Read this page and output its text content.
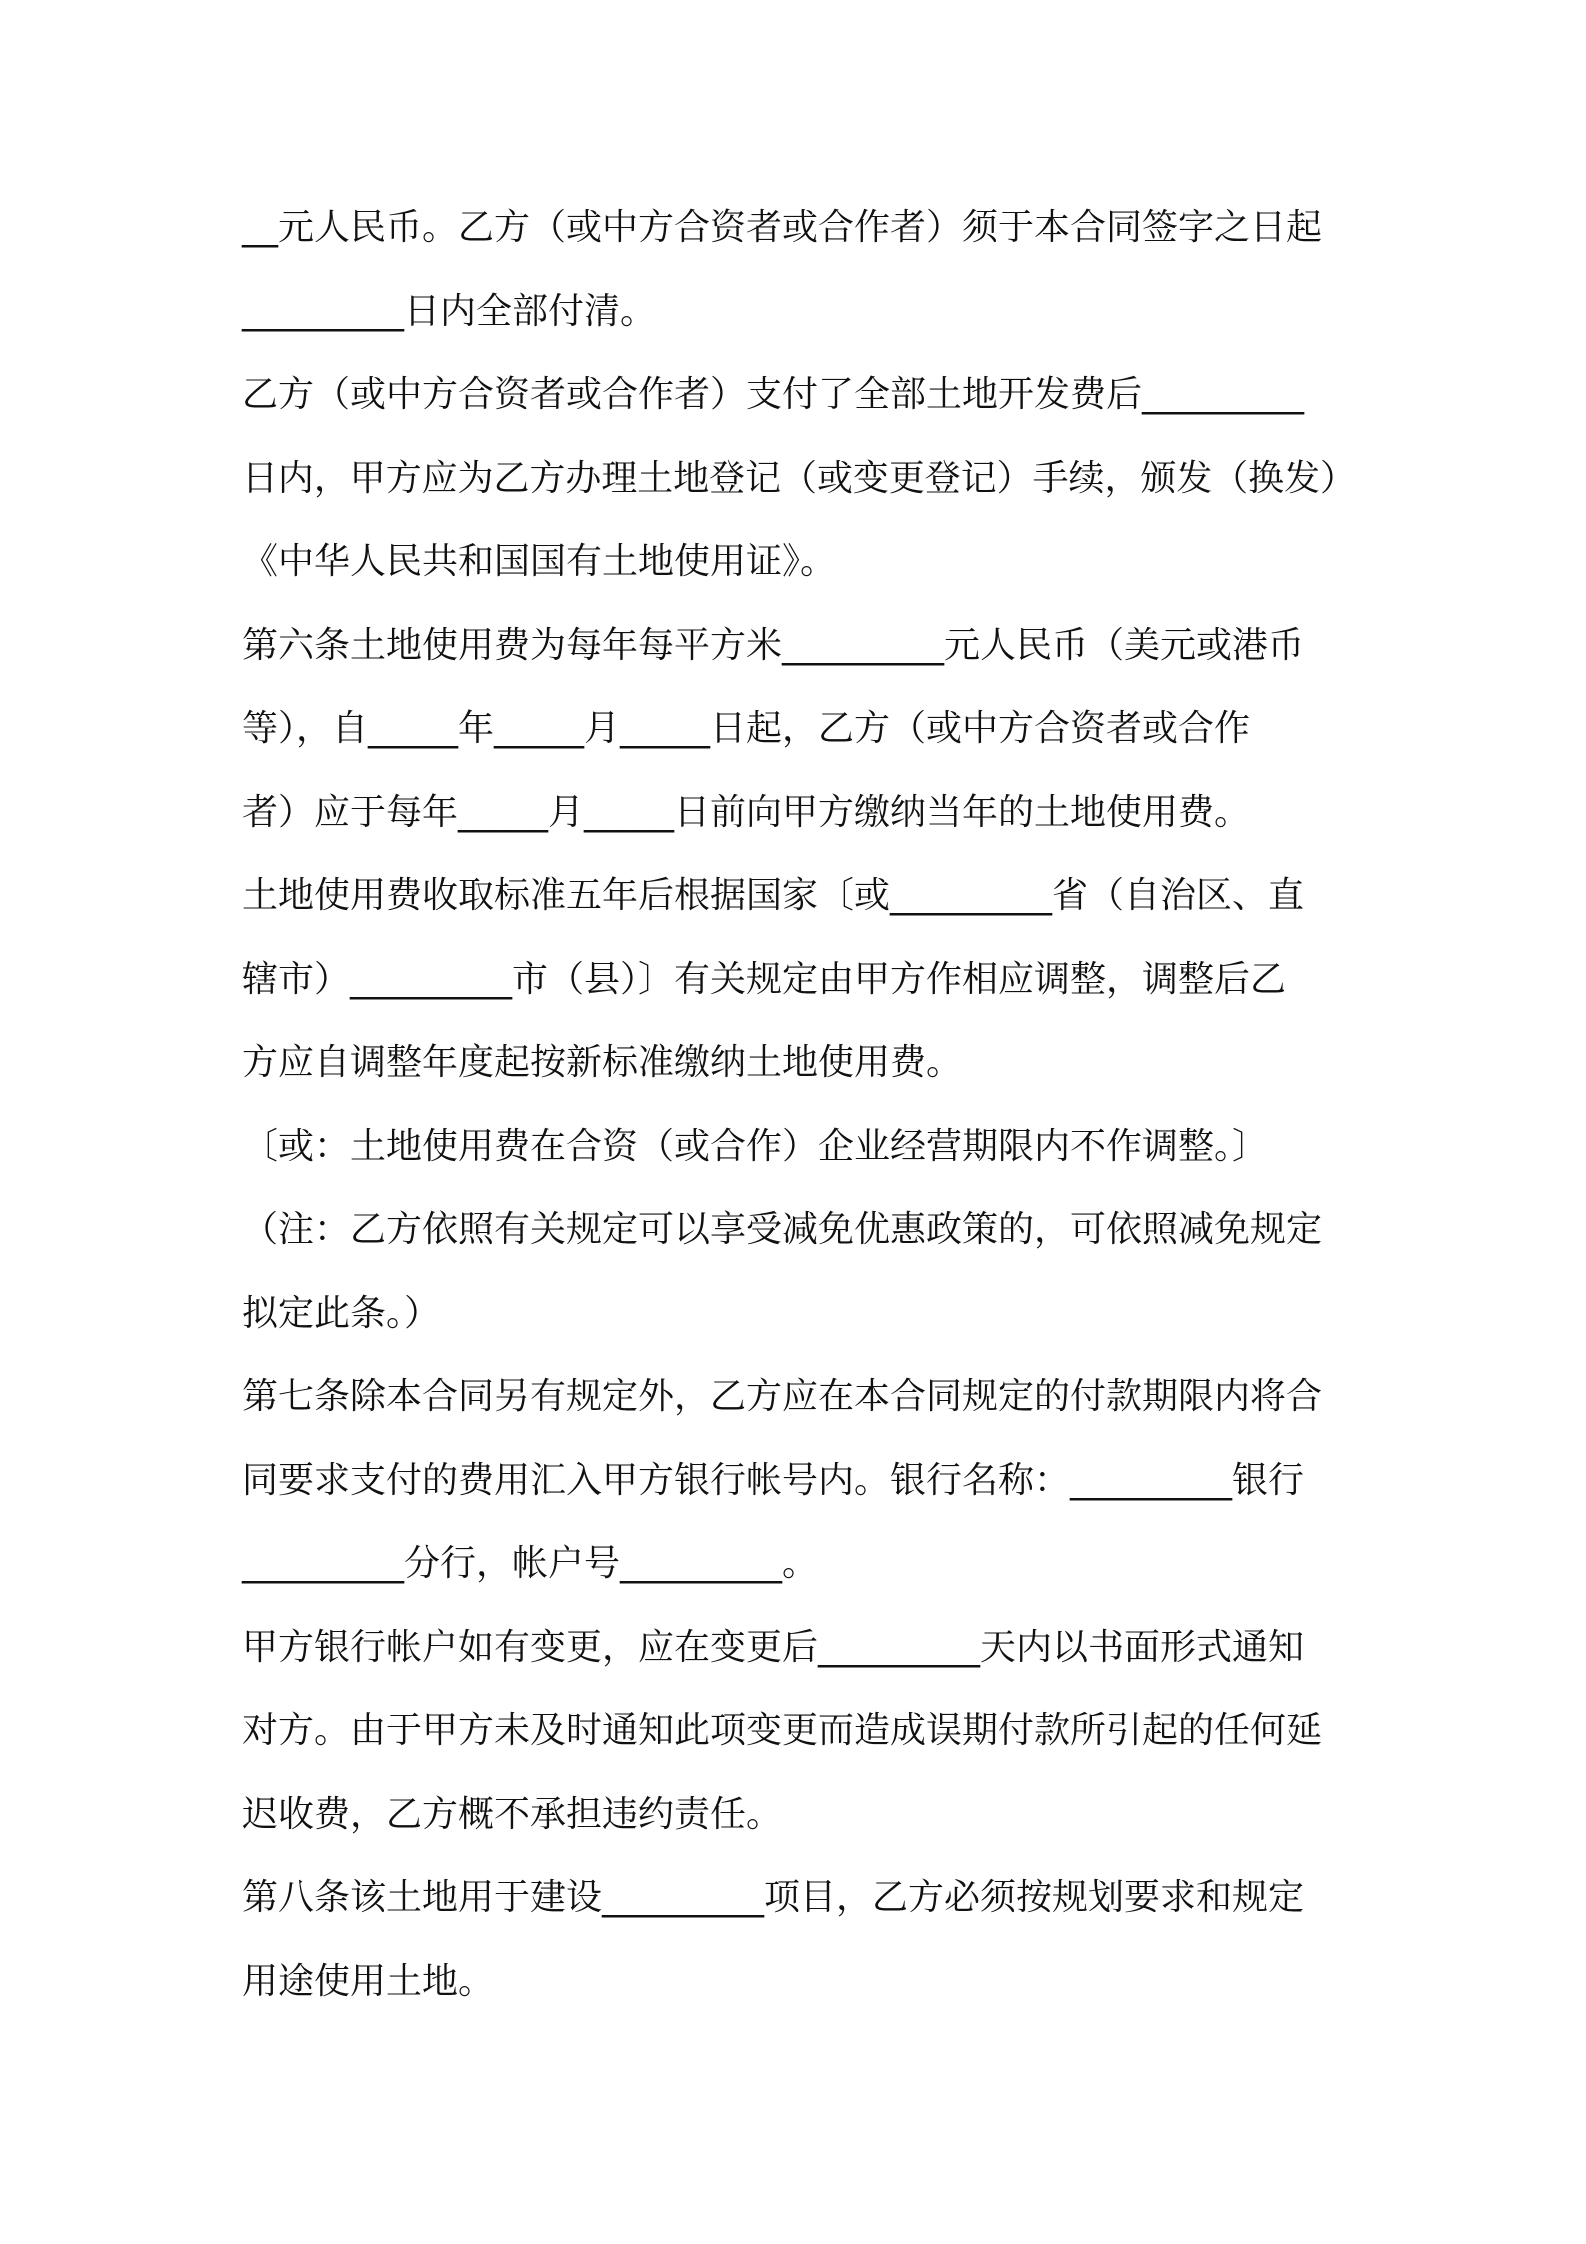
__元人民币。乙方（或中方合资者或合作者）须于本合同签字之日起
_________日内全部付清。
乙方（或中方合资者或合作者）支付了全部土地开发费后_________
日内，甲方应为乙方办理土地登记（或变更登记）手续，颁发（换发）
《中华人民共和国国有土地使用证》。
第六条土地使用费为每年每平方米_________元人民币（美元或港币
等），自_____年_____月_____日起，乙方（或中方合资者或合作
者）应于每年_____月_____日前向甲方缴纳当年的土地使用费。
土地使用费收取标准五年后根据国家〔或_________省（自治区、直
辖市）_________市（县）〕有关规定由甲方作相应调整，调整后乙
方应自调整年度起按新标准缴纳土地使用费。
〔或：土地使用费在合资（或合作）企业经营期限内不作调整。〕
（注：乙方依照有关规定可以享受减免优惠政策的，可依照减免规定
拟定此条。）
第七条除本合同另有规定外，乙方应在本合同规定的付款期限内将合
同要求支付的费用汇入甲方银行帐号内。银行名称：_________银行
_________分行，帐户号_________。
甲方银行帐户如有变更，应在变更后_________天内以书面形式通知
对方。由于甲方未及时通知此项变更而造成误期付款所引起的任何延
迟收费，乙方概不承担违约责任。
第八条该土地用于建设_________项目，乙方必须按规划要求和规定
用途使用土地。
